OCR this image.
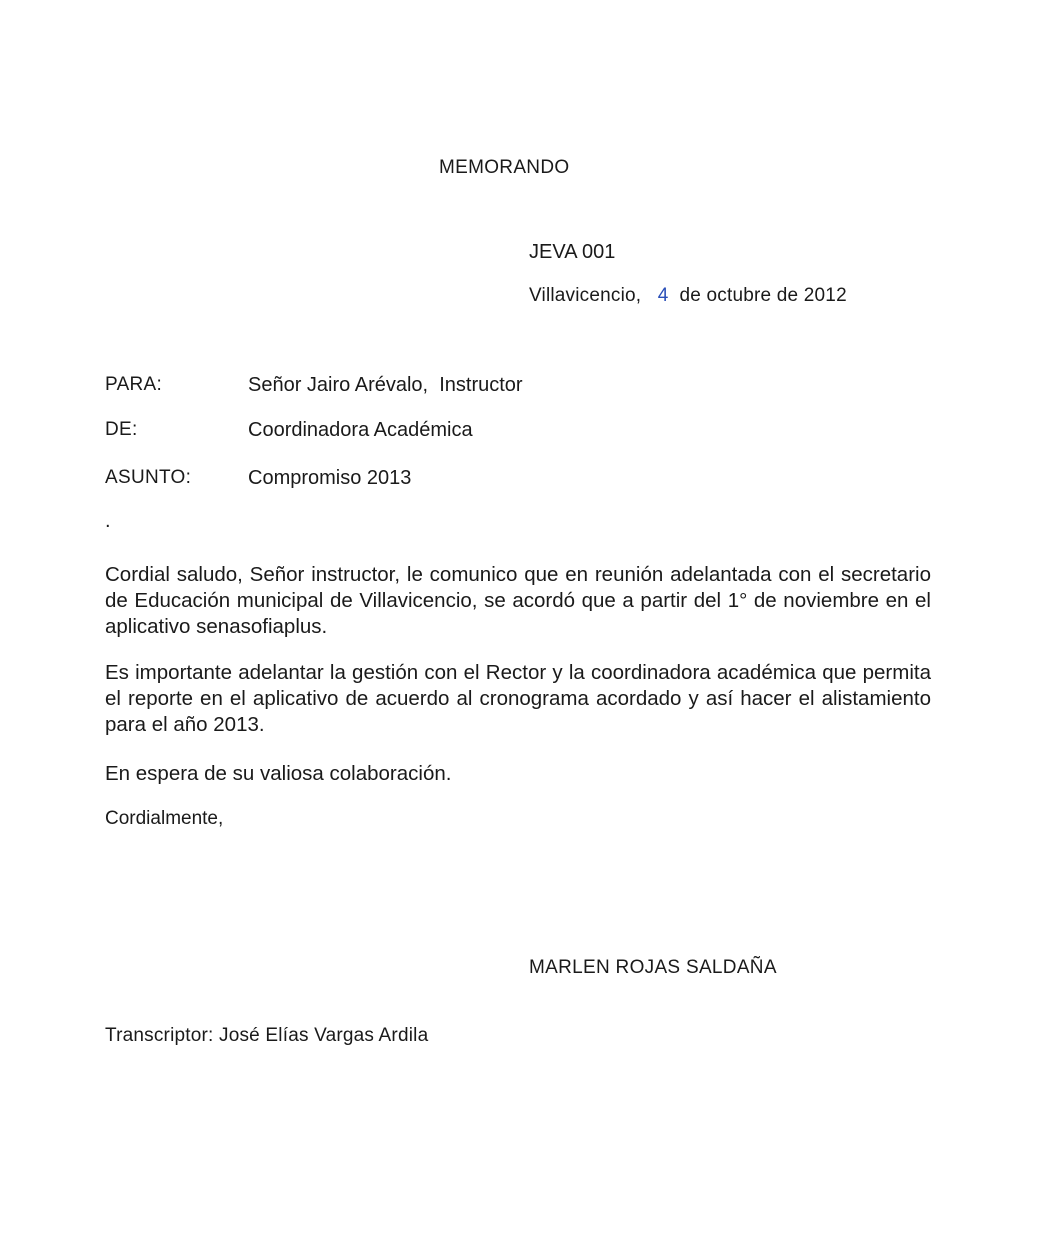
MEMORANDO
JEVA 001
Villavicencio, 4 de octubre de 2012
PARA:	Señor Jairo Arévalo,  Instructor
DE:	Coordinadora Académica
ASUNTO:	Compromiso 2013
.
Cordial saludo, Señor instructor, le comunico que en reunión adelantada con el secretario de Educación municipal de Villavicencio, se acordó que a partir del 1° de noviembre en el aplicativo senasofiaplus.
Es importante adelantar la gestión con el Rector y la coordinadora académica que permita el reporte en el aplicativo de acuerdo al cronograma acordado y así hacer el alistamiento para el año 2013.
En espera de su valiosa colaboración.
Cordialmente,
MARLEN ROJAS SALDAÑA
Transcriptor: José Elías Vargas Ardila
